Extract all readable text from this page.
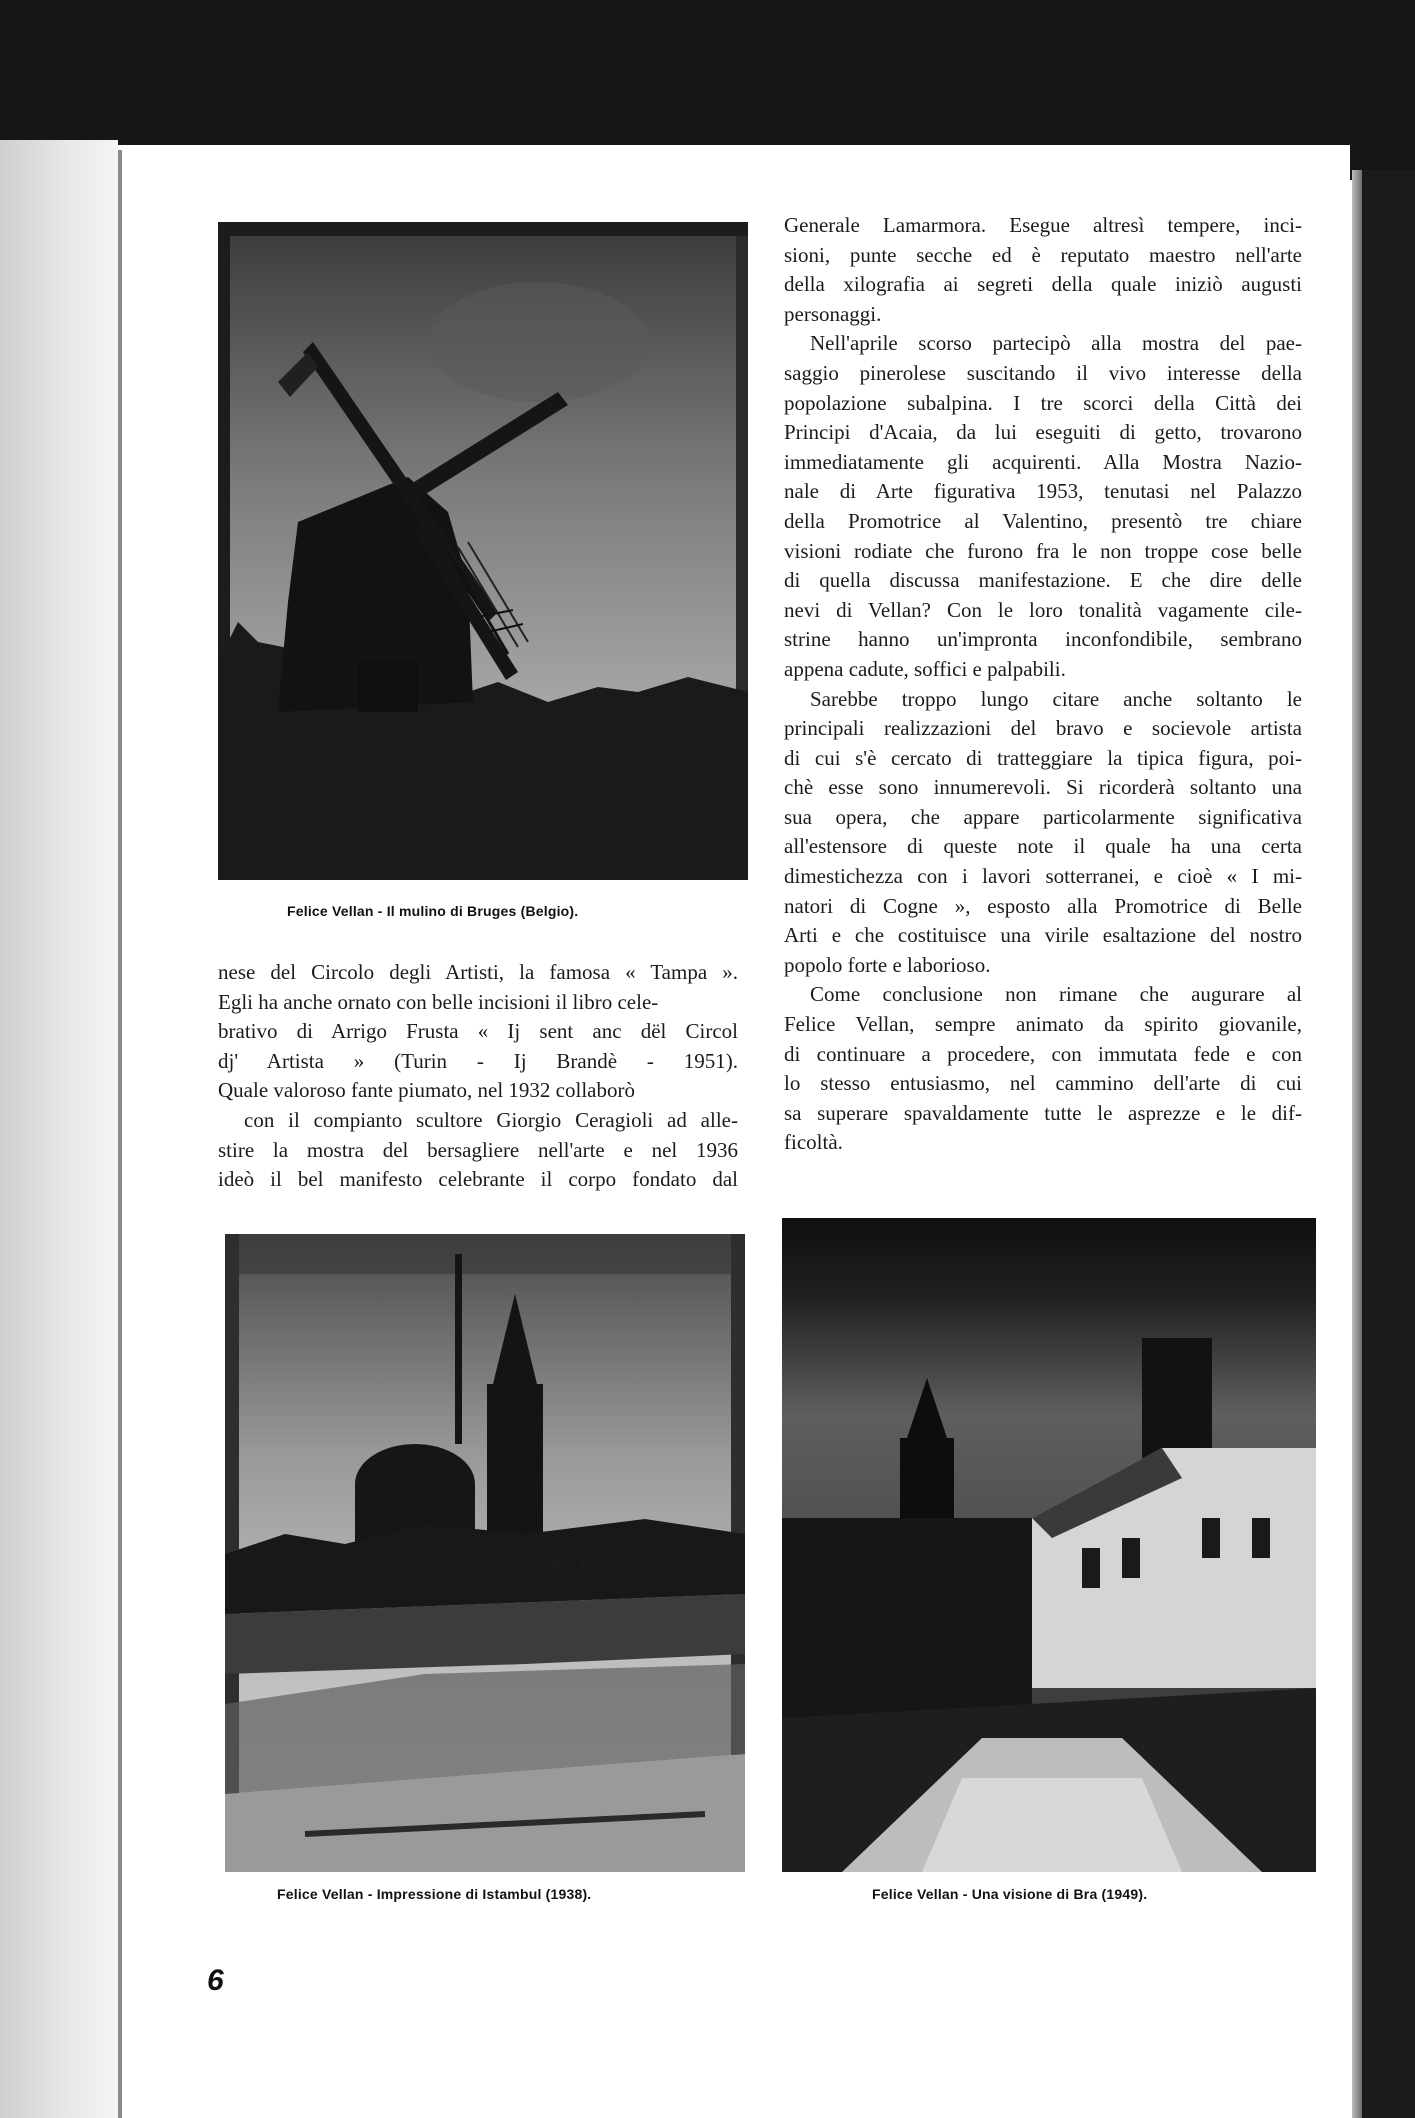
Felice Vellan - Il mulino di Bruges (Belgio).

nese del Circolo degli Artisti, la famosa « Tampa ».

Egli ha anche ornato con belle incisioni il libro cele-

brativo di Arrigo Frusta « Ij sent anc dël Circol

dj' Artista » (Turin - Ij Brandè - 1951).

Quale valoroso fante piumato, nel 1932 collaborò

con il compianto scultore Giorgio Ceragioli ad alle-

stire la mostra del bersagliere nell'arte e nel 1936

ideò il bel manifesto celebrante il corpo fondato dal

Generale Lamarmora. Esegue altresì tempere, inci-

sioni, punte secche ed è reputato maestro nell'arte

della xilografia ai segreti della quale iniziò augusti

personaggi.

Nell'aprile scorso partecipò alla mostra del pae-

saggio pinerolese suscitando il vivo interesse della

popolazione subalpina. I tre scorci della Città dei

Principi d'Acaia, da lui eseguiti di getto, trovarono

immediatamente gli acquirenti. Alla Mostra Nazio-

nale di Arte figurativa 1953, tenutasi nel Palazzo

della Promotrice al Valentino, presentò tre chiare

visioni rodiate che furono fra le non troppe cose belle

di quella discussa manifestazione. E che dire delle

nevi di Vellan? Con le loro tonalità vagamente cile-

strine hanno un'impronta inconfondibile, sembrano

appena cadute, soffici e palpabili.

Sarebbe troppo lungo citare anche soltanto le

principali realizzazioni del bravo e socievole artista

di cui s'è cercato di tratteggiare la tipica figura, poi-

chè esse sono innumerevoli. Si ricorderà soltanto una

sua opera, che appare particolarmente significativa

all'estensore di queste note il quale ha una certa

dimestichezza con i lavori sotterranei, e cioè « I mi-

natori di Cogne », esposto alla Promotrice di Belle

Arti e che costituisce una virile esaltazione del nostro

popolo forte e laborioso.

Come conclusione non rimane che augurare al

Felice Vellan, sempre animato da spirito giovanile,

di continuare a procedere, con immutata fede e con

lo stesso entusiasmo, nel cammino dell'arte di cui

sa superare spavaldamente tutte le asprezze e le dif-

ficoltà.

Felice Vellan - Impressione di Istambul (1938).	Felice Vellan - Una visione di Bra (1949).
6
